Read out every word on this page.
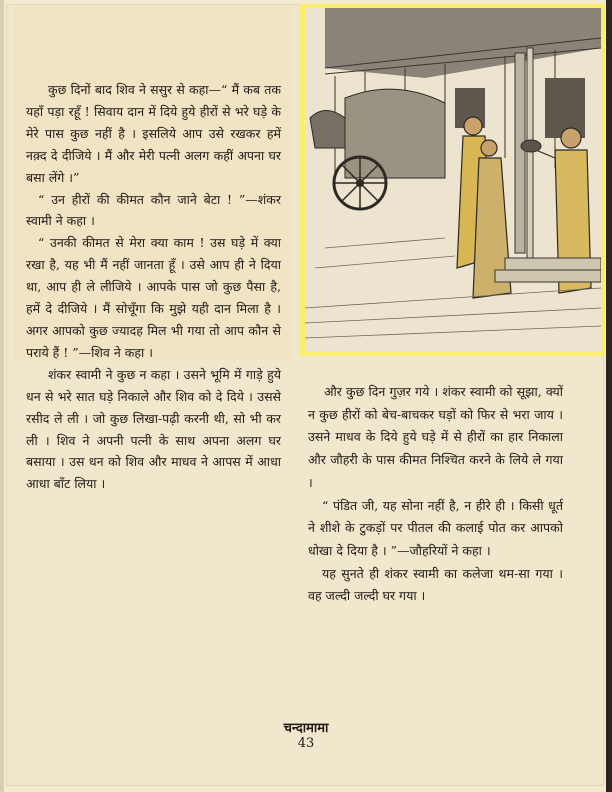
कुछ दिनों बाद शिव ने ससुर से कहा—“ मैं कब तक यहाँ पड़ा रहूँ ! सिवाय दान में दिये हुये हीरों से भरे घड़े के मेरे पास कुछ नहीं है । इसलिये आप उसे रखकर हमें नक़्द दे दीजिये । मैं और मेरी पत्नी अलग कहीं अपना घर बसा लेंगे ।”

“ उन हीरों की कीमत कौन जाने बेटा ! ”—शंकर स्वामी ने कहा ।

“ उनकी कीमत से मेरा क्या काम ! उस घड़े में क्या रखा है, यह भी मैं नहीं जानता हूँ । उसे आप ही ने दिया था, आप ही ले लीजिये । आपके पास जो कुछ पैसा है, हमें दे दीजिये । मैं सोचूँगा कि मुझे यही दान मिला है । अगर आपको कुछ ज्यादह मिल भी गया तो आप कौन से पराये हैं ! ”—शिव ने कहा ।

शंकर स्वामी ने कुछ न कहा । उसने भूमि में गाड़े हुये धन से भरे सात घड़े निकाले और शिव को दे दिये । उससे रसीद ले ली । जो कुछ लिखा-पढ़ी करनी थी, सो भी कर ली । शिव ने अपनी पत्नी के साथ अपना अलग घर बसाया । उस धन को शिव और माधव ने आपस में आधा आधा बाँट लिया ।

और कुछ दिन गुज़र गये । शंकर स्वामी को सूझा, क्यों न कुछ हीरों को बेच-बाचकर घड़ों को फिर से भरा जाय । उसने माधव के दिये हुये घड़े में से हीरों का हार निकाला और जौहरी के पास कीमत निश्चित करने के लिये ले गया ।

“ पंडित जी, यह सोना नहीं है, न हीरे ही । किसी धूर्त ने शीशे के टुकड़ों पर पीतल की कलाई पोत कर आपको धोखा दे दिया है । ”—जौहरियों ने कहा ।

यह सुनते ही शंकर स्वामी का कलेजा थम-सा गया । वह जल्दी जल्दी घर गया ।

चन्दामामा
43
